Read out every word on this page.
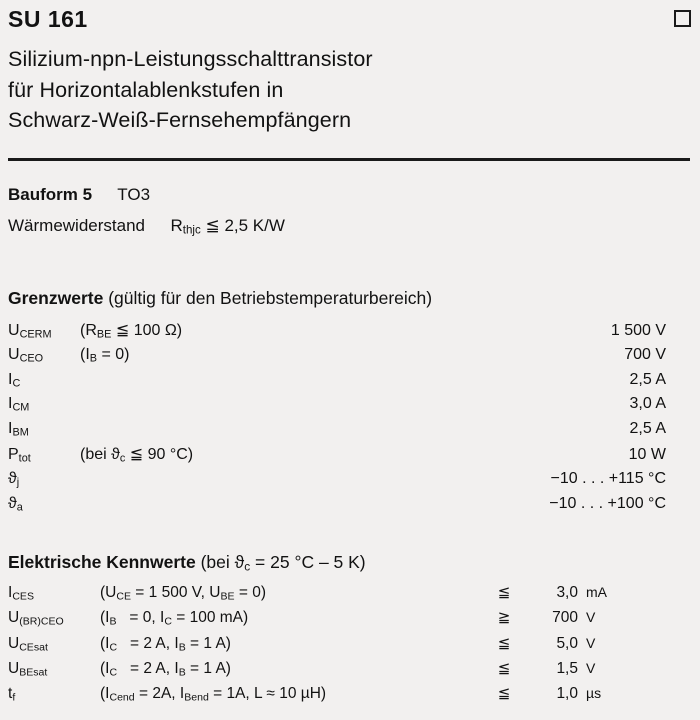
SU 161
Silizium-npn-Leistungsschalttransistor
für Horizontalablenkstufen in
Schwarz-Weiß-Fernsehempfängern
Bauform 5 TO3
Wärmewiderstand $R_{thjc}$ ≦ 2,5 K/W
Grenzwerte (gültig für den Betriebstemperaturbereich)
$U_{CERM}$	($R_{BE}$ ≦ 100 Ω)	1 500 V
$U_{CEO}$	$(I_B = 0)$	700 V
$I_C$		2,5 A
$I_{CM}$		3,0 A
$I_{BM}$		2,5 A
$P_{tot}$	(bei $ϑ_c$ ≦ 90 °C)	10 W
$ϑ_j$		−10 . . . +115 °C
$ϑ_a$		−10 . . . +100 °C
Elektrische Kennwerte (bei $ϑ_c = 25$ °C – 5 K)
$I_{CES}$	($U_{CE} = 1$ 500 V, $U_{BE} = 0$)	≦	3,0	mA
$U_{(BR)CEO}$	($I_B = 0$, $I_C = 100$ mA)	≧	700	V
$U_{CEsat}$	($I_C = 2$ A, $I_B = 1$ A)	≦	5,0	V
$U_{BEsat}$	($I_C = 2$ A, $I_B = 1$ A)	≦	1,5	V
$t_f$	($I_{Cend} = 2A$, $I_{Bend} = 1A$, L ≈ 10 µH)	≦	1,0	µs
